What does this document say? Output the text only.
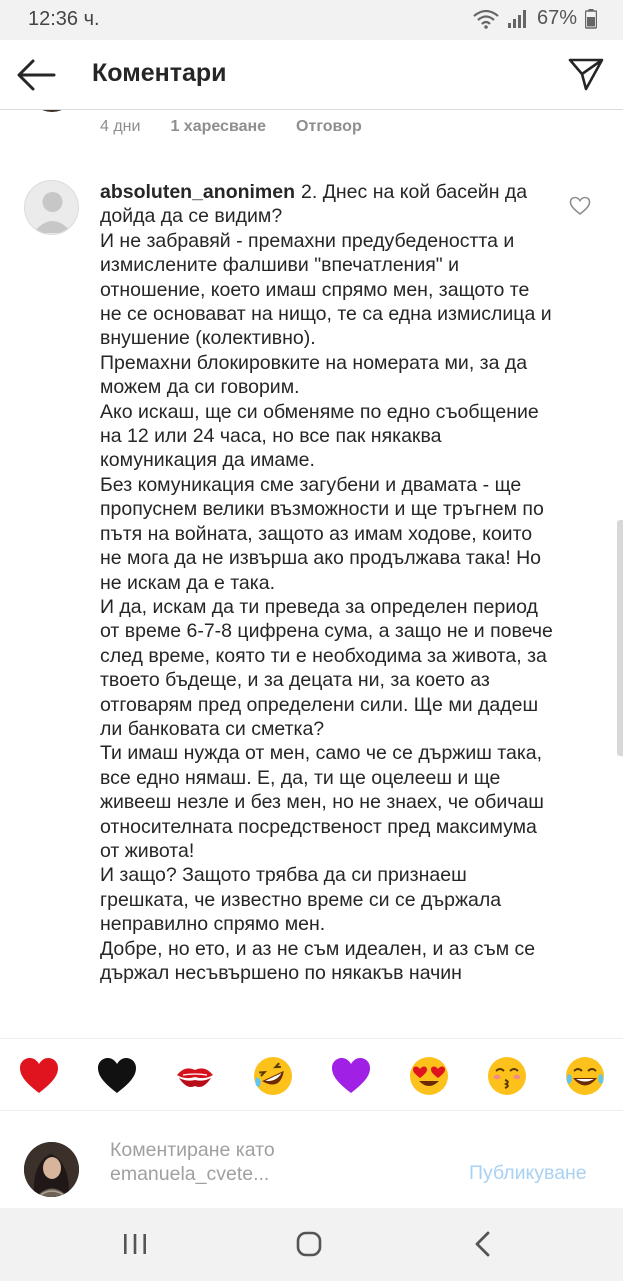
12:36 ч.	67%
Коментари
4 дни 1 харесване Отговор
absoluten_anonimen 2. Днес на кой басейн да дойда да се видим?
И не забравяй - премахни предубедеността и измислените фалшиви "впечатления" и отношение, което имаш спрямо мен, защото те не се основават на нищо, те са една измислица и внушение (колективно).
Премахни блокировките на номерата ми, за да можем да си говорим.
Ако искаш, ще си обменяме по едно съобщение на 12 или 24 часа, но все пак някаква комуникация да имаме.
Без комуникация сме загубени и двамата - ще пропуснем велики възможности и ще тръгнем по пътя на войната, защото аз имам ходове, които не мога да не извърша ако продължава така! Но не искам да е така.
И да, искам да ти преведа за определен период от време 6-7-8 цифрена сума, а защо не и повече след време, която ти е необходима за живота, за твоето бъдеще, и за децата ни, за което аз отговарям пред определени сили. Ще ми дадеш ли банковата си сметка?
Ти имаш нужда от мен, само че се държиш така, все едно нямаш. Е, да, ти ще оцелееш и ще живееш незле и без мен, но не знаех, че обичаш относителната посредственост пред максимума от живота!
И защо? Защото трябва да си признаеш грешката, че известно време си се държала неправилно спрямо мен.
Добре, но ето, и аз не съм идеален, и аз съм се държал несъвършено по някакъв начин
Коментиране като
emanuela_cvete...	Публикуване
